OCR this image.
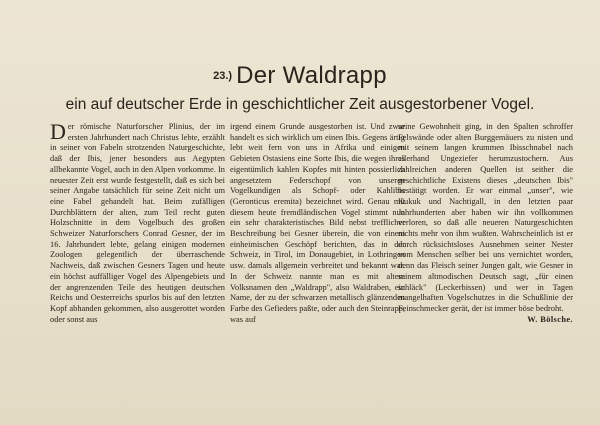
$^{23.)}$ Der Waldrapp
ein auf deutscher Erde in geschichtlicher Zeit ausgestorbener Vogel.

Der römische Naturforscher Plinius, der im ersten Jahrhundert nach Christus lebte, erzählt in seiner von Fabeln strotzenden Naturgeschichte, daß der Ibis, jener besonders aus Aegypten allbekannte Vogel, auch in den Alpen vorkomme. In neuester Zeit erst wurde festgestellt, daß es sich bei seiner Angabe tatsächlich für seine Zeit nicht um eine Fabel gehandelt hat. Beim zufälligen Durchblättern der alten, zum Teil recht guten Holzschnitte in dem Vogelbuch des großen Schweizer Naturforschers Conrad Gesner, der im 16. Jahrhundert lebte, gelang einigen modernen Zoologen gelegentlich der überraschende Nachweis, daß zwischen Gesners Tagen und heute ein höchst auffälliger Vogel des Alpengebiets und der angrenzenden Teile des heutigen deutschen Reichs und Oesterreichs spurlos bis auf den letzten Kopf abhanden gekommen, also ausgerottet worden oder sonst aus

irgend einem Grunde ausgestorben ist. Und zwar handelt es sich wirklich um einen Ibis. Gegens ärtig lebt weit fern von uns in Afrika und einigen Gebieten Ostasiens eine Sorte Ibis, die wegen ihres eigentümlich kahlen Kopfes mit hinten possierlich angesetztem Federschopf von unseren Vogelkundigen als Schopf- oder Kahlibis (Geronticus eremita) bezeichnet wird. Genau mit diesem heute fremdländischen Vogel stimmt nun ein sehr charakteristisches Bild nebst trefflicher Beschreibung bei Gesner überein, die von einem einheimischen Geschöpf berichten, das in der Schweiz, in Tirol, im Donaugebiet, in Lothringen usw. damals allgemein verbreitet und bekannt war. In der Schweiz nannte man es mit altem Volksnamen den „Waldrapp", also Waldraben, ein Name, der zu der schwarzen metallisch glänzenden Farbe des Gefieders paßte, oder auch den Steinrapp, was auf

seine Gewohnheit ging, in den Spalten schroffer Felswände oder alten Burggemäuers zu nisten und mit seinem langen krummen Ibisschnabel nach allerhand Ungeziefer herumzustochern. Aus zahlreichen anderen Quellen ist seither die geschichtliche Existens dieses „deutschen Ibis" bestätigt worden. Er war einmal „unser", wie Kukuk und Nachtigall, in den letzten paar Jahrhunderten aber haben wir ihn vollkommen verloren, so daß alle neueren Naturgeschichten nichts mehr von ihm wußten. Wahrscheinlich ist er durch rücksichtsloses Ausnehmen seiner Nester vom Menschen selber bei uns vernichtet worden, denn das Fleisch seiner Jungen galt, wie Gesner in seinem altmodischen Deutsch sagt, „für einen schläck" (Leckerbissen) und wer in Tagen mangelhaften Vogelschutzes in die Schußlinie der Feinschmecker gerät, der ist immer böse bedroht.
W. Bölsche.
